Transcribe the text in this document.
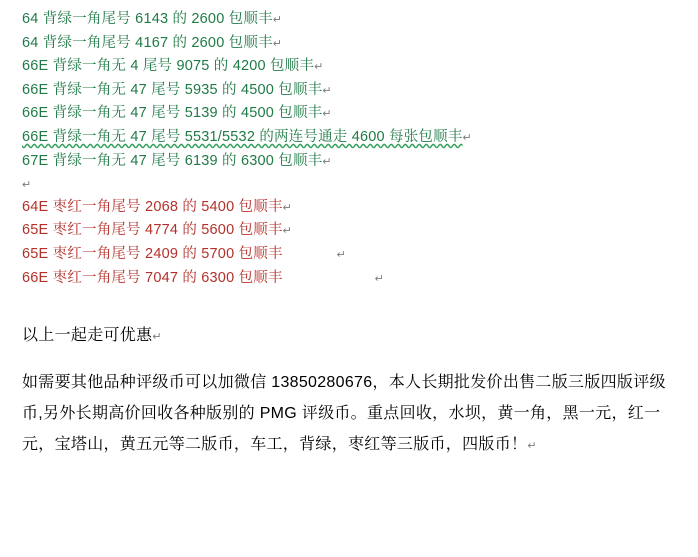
64 背绿一角尾号 6143 的 2600 包顺丰↵
64 背绿一角尾号 4167 的 2600 包顺丰↵
66E 背绿一角无 4 尾号 9075 的 4200 包顺丰↵
66E 背绿一角无 47 尾号 5935 的 4500 包顺丰↵
66E 背绿一角无 47 尾号 5139 的 4500 包顺丰↵
66E 背绿一角无 47 尾号 5531/5532 的两连号通走 4600 每张包顺丰↵
67E 背绿一角无 47 尾号 6139 的 6300 包顺丰↵
↵
64E 枣红一角尾号 2068 的 5400 包顺丰↵
65E 枣红一角尾号 4774 的 5600 包顺丰↵
65E 枣红一角尾号 2409 的 5700 包顺丰	↵
66E 枣红一角尾号 7047 的 6300 包顺丰	↵
以上一起走可优惠↵
如需要其他品种评级币可以加微信 13850280676，本人长期批发价出售二版三版四版评级币,另外长期高价回收各种版别的 PMG 评级币。重点回收，水坝，黄一角，黑一元，红一元，宝塔山，黄五元等二版币，车工，背绿，枣红等三版币，四版币！↵
